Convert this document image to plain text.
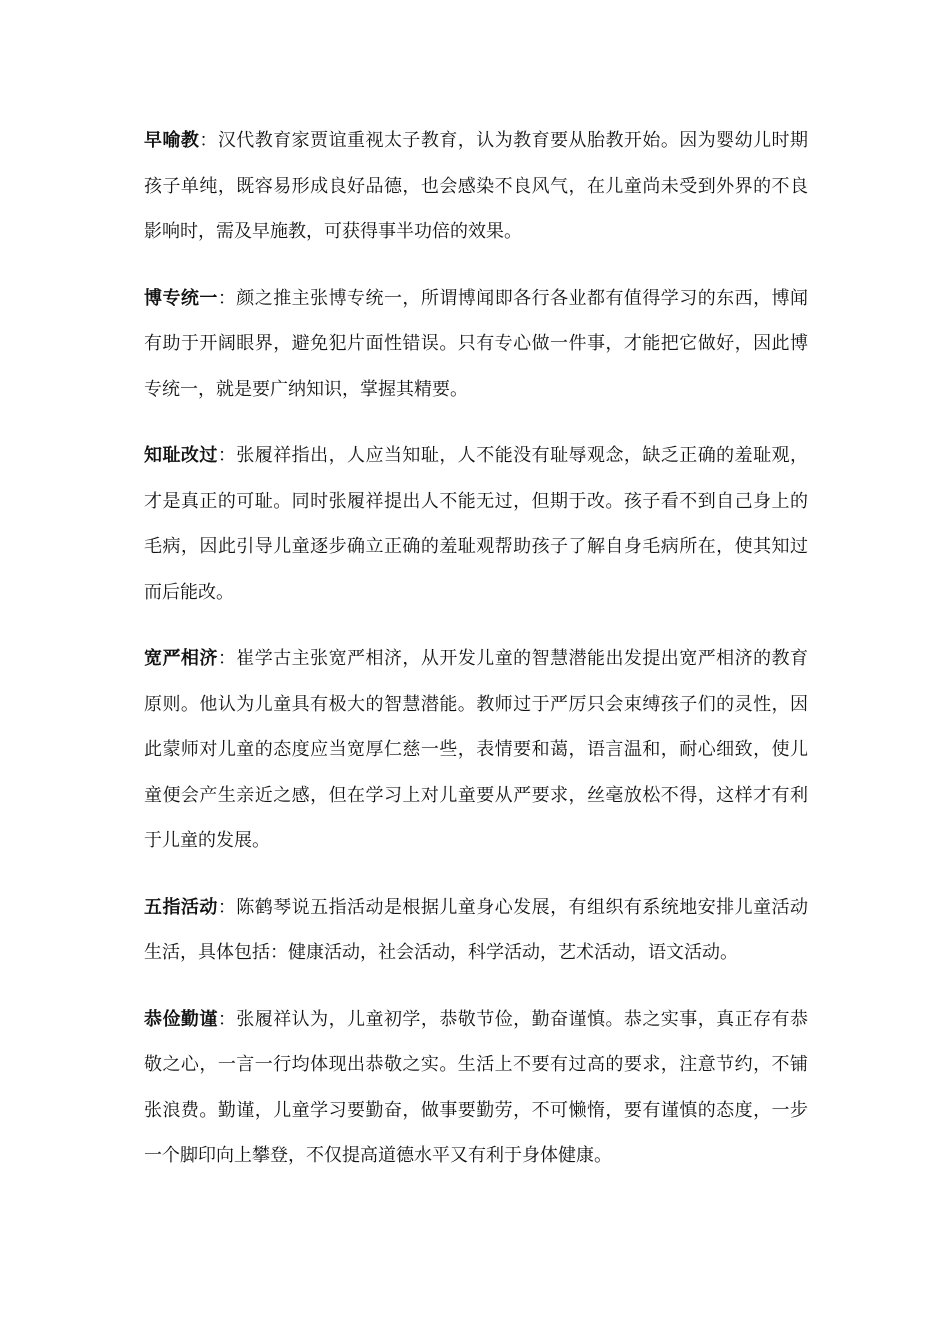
早喻教：汉代教育家贾谊重视太子教育，认为教育要从胎教开始。因为婴幼儿时期孩子单纯，既容易形成良好品德，也会感染不良风气，在儿童尚未受到外界的不良影响时，需及早施教，可获得事半功倍的效果。

博专统一：颜之推主张博专统一，所谓博闻即各行各业都有值得学习的东西，博闻有助于开阔眼界，避免犯片面性错误。只有专心做一件事，才能把它做好，因此博专统一，就是要广纳知识，掌握其精要。

知耻改过：张履祥指出，人应当知耻，人不能没有耻辱观念，缺乏正确的羞耻观，才是真正的可耻。同时张履祥提出人不能无过，但期于改。孩子看不到自己身上的毛病，因此引导儿童逐步确立正确的羞耻观帮助孩子了解自身毛病所在，使其知过而后能改。

宽严相济：崔学古主张宽严相济，从开发儿童的智慧潜能出发提出宽严相济的教育原则。他认为儿童具有极大的智慧潜能。教师过于严厉只会束缚孩子们的灵性，因此蒙师对儿童的态度应当宽厚仁慈一些，表情要和蔼，语言温和，耐心细致，使儿童便会产生亲近之感，但在学习上对儿童要从严要求，丝毫放松不得，这样才有利于儿童的发展。

五指活动：陈鹤琴说五指活动是根据儿童身心发展，有组织有系统地安排儿童活动生活，具体包括：健康活动，社会活动，科学活动，艺术活动，语文活动。

恭俭勤谨：张履祥认为，儿童初学，恭敬节俭，勤奋谨慎。恭之实事，真正存有恭敬之心，一言一行均体现出恭敬之实。生活上不要有过高的要求，注意节约，不铺张浪费。勤谨，儿童学习要勤奋，做事要勤劳，不可懒惰，要有谨慎的态度，一步一个脚印向上攀登，不仅提高道德水平又有利于身体健康。
